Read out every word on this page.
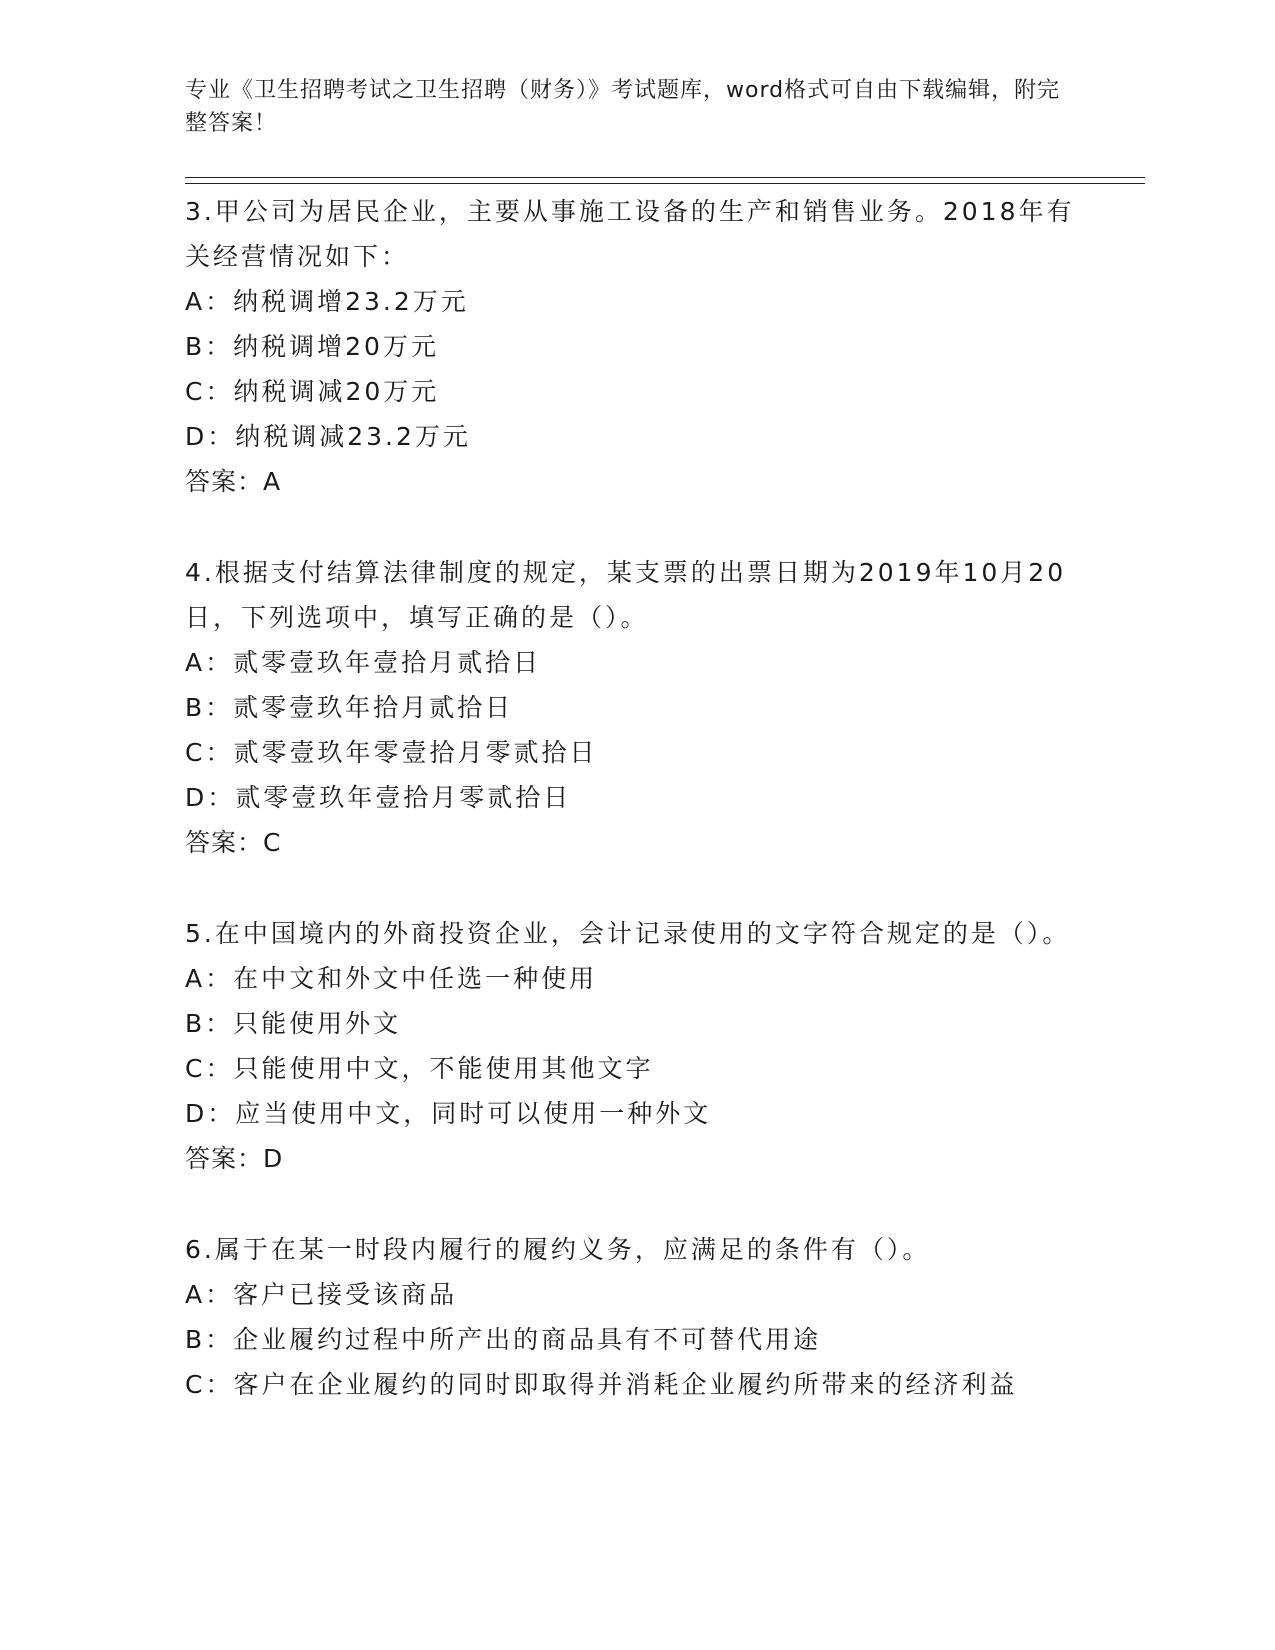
专业《卫生招聘考试之卫生招聘（财务）》考试题库，word格式可自由下载编辑，附完整答案！

3.甲公司为居民企业，主要从事施工设备的生产和销售业务。2018年有关经营情况如下：

A：纳税调增23.2万元

B：纳税调增20万元

C：纳税调减20万元

D：纳税调减23.2万元

答案：A

4.根据支付结算法律制度的规定，某支票的出票日期为2019年10月20日，下列选项中，填写正确的是（）。

A：贰零壹玖年壹拾月贰拾日

B：贰零壹玖年拾月贰拾日

C：贰零壹玖年零壹拾月零贰拾日

D：贰零壹玖年壹拾月零贰拾日

答案：C

5.在中国境内的外商投资企业，会计记录使用的文字符合规定的是（）。

A：在中文和外文中任选一种使用

B：只能使用外文

C：只能使用中文，不能使用其他文字

D：应当使用中文，同时可以使用一种外文

答案：D

6.属于在某一时段内履行的履约义务，应满足的条件有（）。

A：客户已接受该商品

B：企业履约过程中所产出的商品具有不可替代用途

C：客户在企业履约的同时即取得并消耗企业履约所带来的经济利益
